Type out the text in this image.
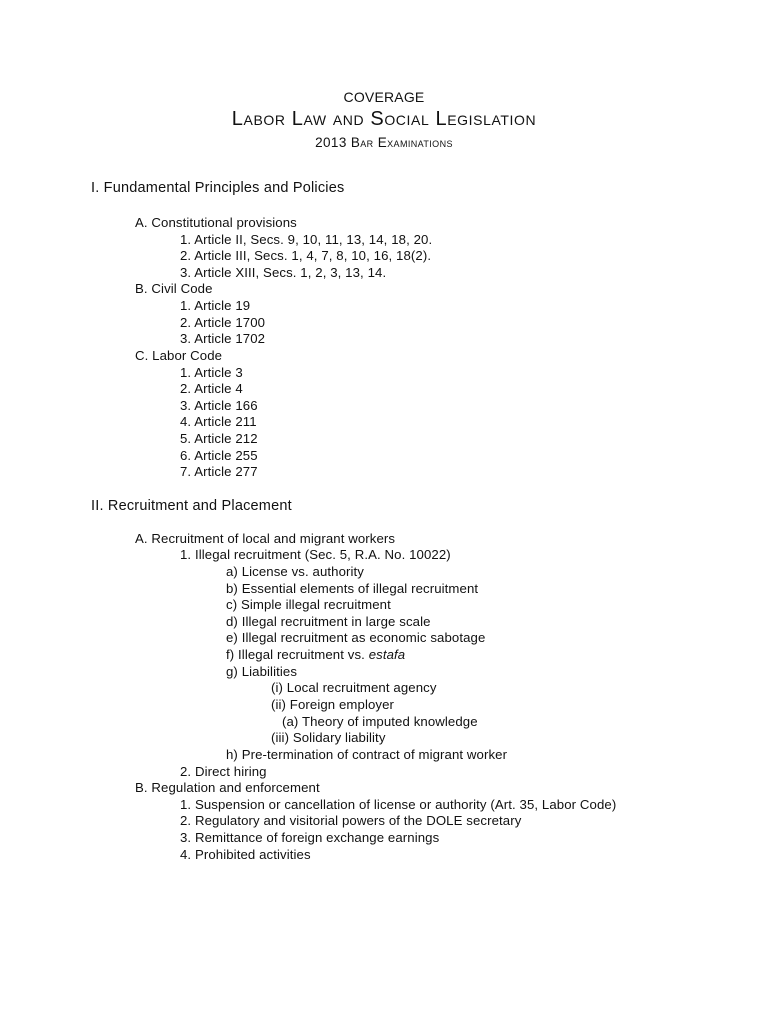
COVERAGE
Labor Law and Social Legislation
2013 Bar Examinations
I. Fundamental Principles and Policies
A. Constitutional provisions
1. Article II, Secs. 9, 10, 11, 13, 14, 18, 20.
2. Article III, Secs. 1, 4, 7, 8, 10, 16, 18(2).
3. Article XIII, Secs. 1, 2, 3, 13, 14.
B. Civil Code
1. Article 19
2. Article 1700
3. Article 1702
C. Labor Code
1. Article 3
2. Article 4
3. Article 166
4. Article 211
5. Article 212
6. Article 255
7. Article 277
II. Recruitment and Placement
A. Recruitment of local and migrant workers
1. Illegal recruitment (Sec. 5, R.A. No. 10022)
a) License vs. authority
b) Essential elements of illegal recruitment
c) Simple illegal recruitment
d) Illegal recruitment in large scale
e) Illegal recruitment as economic sabotage
f) Illegal recruitment vs. estafa
g) Liabilities
(i) Local recruitment agency
(ii) Foreign employer
(a) Theory of imputed knowledge
(iii) Solidary liability
h) Pre-termination of contract of migrant worker
2. Direct hiring
B. Regulation and enforcement
1. Suspension or cancellation of license or authority (Art. 35, Labor Code)
2. Regulatory and visitorial powers of the DOLE secretary
3. Remittance of foreign exchange earnings
4. Prohibited activities
